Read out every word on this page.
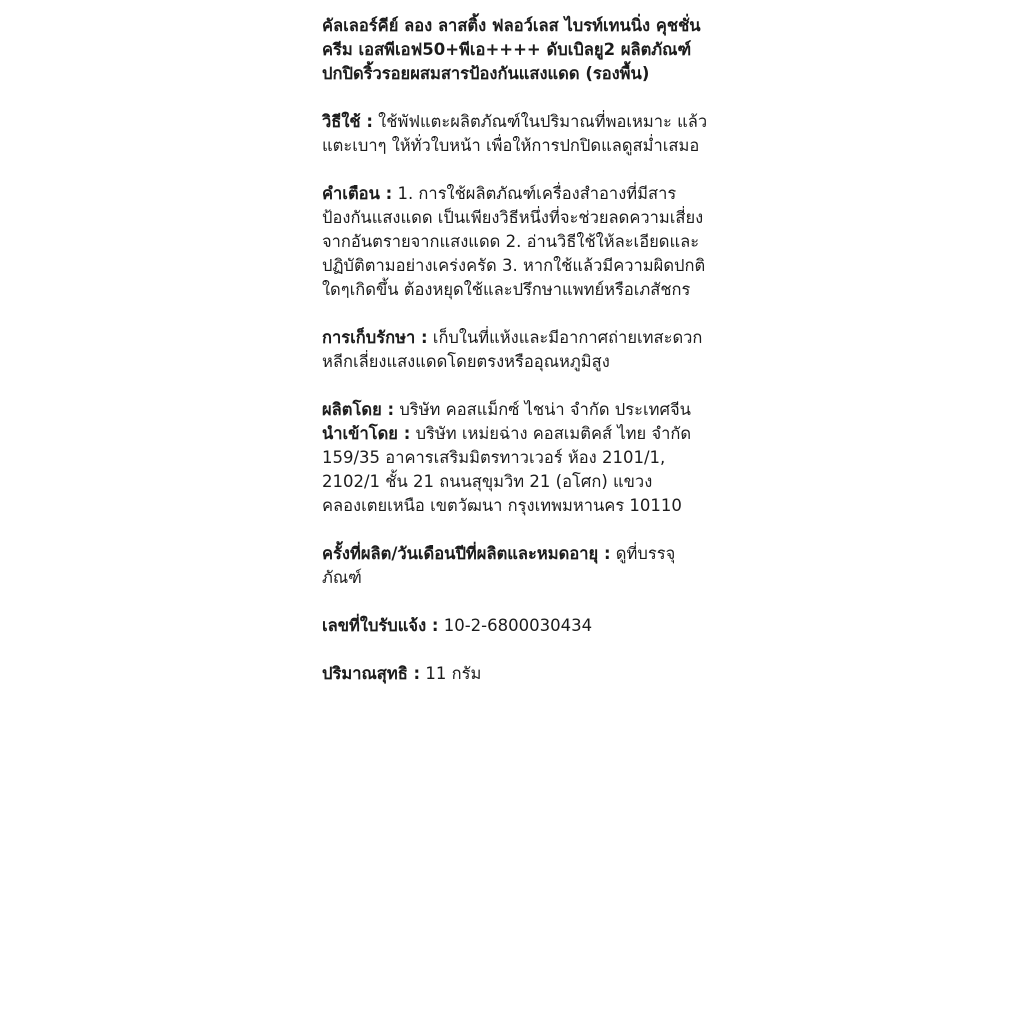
คัลเลอร์คีย์ ลอง ลาสติ้ง ฟลอว์เลส ไบรท์เทนนิ่ง คุชชั่น ครีม เอสพีเอฟ50+พีเอ++++ ดับเบิลยู2 ผลิตภัณฑ์ปกปิดริ้วรอยผสมสารป้องกันแสงแดด (รองพื้น)

วิธีใช้ : ใช้พัฟแตะผลิตภัณฑ์ในปริมาณที่พอเหมาะ แล้วแตะเบาๆ ให้ทั่วใบหน้า เพื่อให้การปกปิดแลดูสม่ำเสมอ

คำเตือน : 1. การใช้ผลิตภัณฑ์เครื่องสำอางที่มีสารป้องกันแสงแดด เป็นเพียงวิธีหนึ่งที่จะช่วยลดความเสี่ยงจากอันตรายจากแสงแดด 2. อ่านวิธีใช้ให้ละเอียดและปฏิบัติตามอย่างเคร่งครัด 3. หากใช้แล้วมีความผิดปกติใดๆเกิดขึ้น ต้องหยุดใช้และปรึกษาแพทย์หรือเภสัชกร

การเก็บรักษา : เก็บในที่แห้งและมีอากาศถ่ายเทสะดวก หลีกเลี่ยงแสงแดดโดยตรงหรืออุณหภูมิสูง

ผลิตโดย : บริษัท คอสแม็กซ์ ไชน่า จำกัด ประเทศจีน

นำเข้าโดย : บริษัท เหม่ยฉ่าง คอสเมติคส์ ไทย จำกัด 159/35 อาคารเสริมมิตรทาวเวอร์ ห้อง 2101/1, 2102/1 ชั้น 21 ถนนสุขุมวิท 21 (อโศก) แขวงคลองเตยเหนือ เขตวัฒนา กรุงเทพมหานคร 10110

ครั้งที่ผลิต/วันเดือนปีที่ผลิตและหมดอายุ : ดูที่บรรจุภัณฑ์

เลขที่ใบรับแจ้ง : 10-2-6800030434

ปริมาณสุทธิ : 11 กรัม
